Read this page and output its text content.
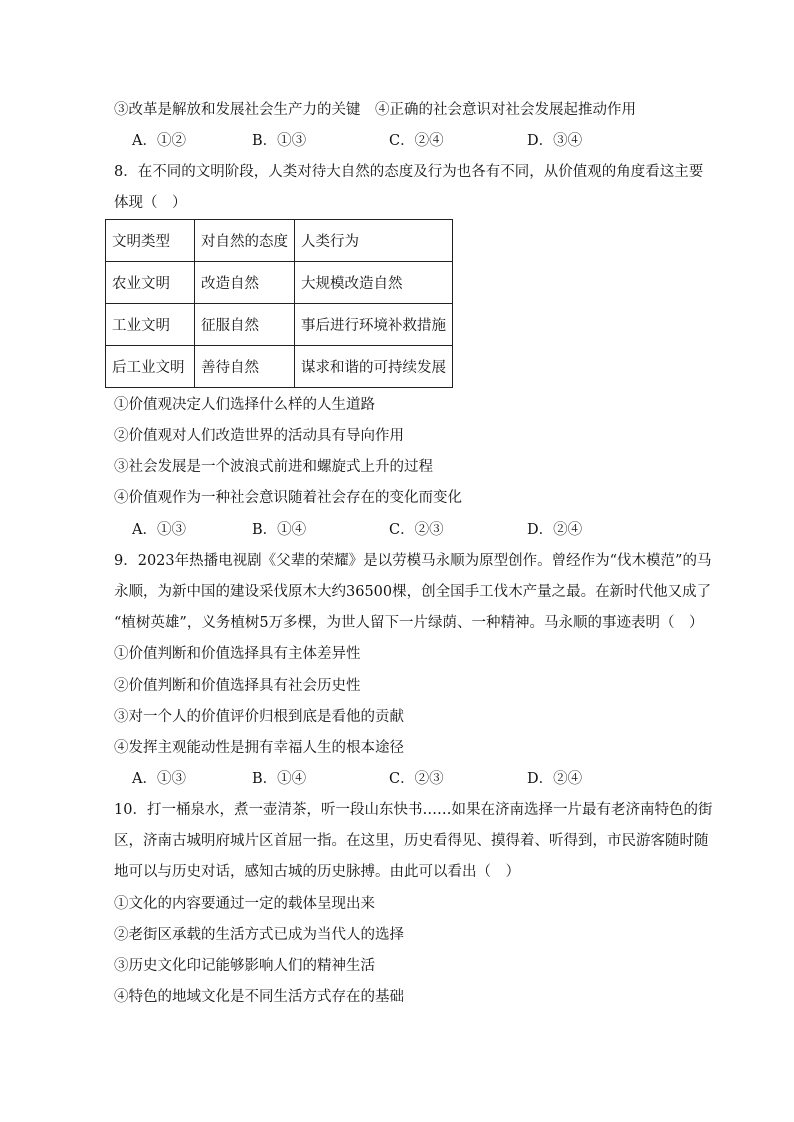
③改革是解放和发展社会生产力的关键　④正确的社会意识对社会发展起推动作用
A．①②	B．①③	C．②④	D．③④
8．在不同的文明阶段，人类对待大自然的态度及行为也各有不同，从价值观的角度看这主要
体现（　）
文明类型	对自然的态度	人类行为
农业文明	改造自然	大规模改造自然
工业文明	征服自然	事后进行环境补救措施
后工业文明	善待自然	谋求和谐的可持续发展
①价值观决定人们选择什么样的人生道路
②价值观对人们改造世界的活动具有导向作用
③社会发展是一个波浪式前进和螺旋式上升的过程
④价值观作为一种社会意识随着社会存在的变化而变化
A．①③	B．①④	C．②③	D．②④
9．2023年热播电视剧《父辈的荣耀》是以劳模马永顺为原型创作。曾经作为“伐木模范”的马
永顺，为新中国的建设采伐原木大约36500棵，创全国手工伐木产量之最。在新时代他又成了
“植树英雄”，义务植树5万多棵，为世人留下一片绿荫、一种精神。马永顺的事迹表明（　）
①价值判断和价值选择具有主体差异性
②价值判断和价值选择具有社会历史性
③对一个人的价值评价归根到底是看他的贡献
④发挥主观能动性是拥有幸福人生的根本途径
A．①③	B．①④	C．②③	D．②④
10．打一桶泉水，煮一壶清茶，听一段山东快书……如果在济南选择一片最有老济南特色的街
区，济南古城明府城片区首屈一指。在这里，历史看得见、摸得着、听得到，市民游客随时随
地可以与历史对话，感知古城的历史脉搏。由此可以看出（　）
①文化的内容要通过一定的载体呈现出来
②老街区承载的生活方式已成为当代人的选择
③历史文化印记能够影响人们的精神生活
④特色的地域文化是不同生活方式存在的基础
